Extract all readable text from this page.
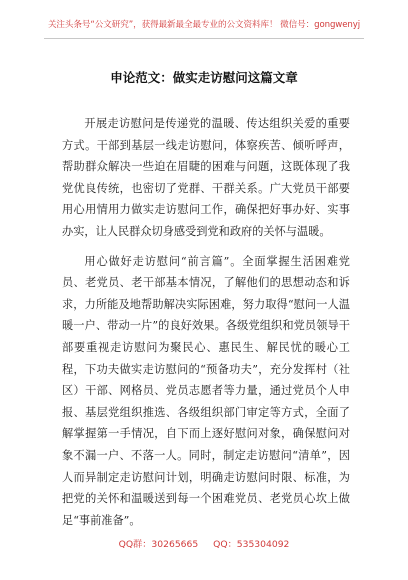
关注头条号“公文研究”，获得最新最全最专业的公文资料库！ 微信号：gongwenyj
申论范文：做实走访慰问这篇文章

开展走访慰问是传递党的温暖、传达组织关爱的重要方式。干部到基层一线走访慰问，体察疾苦、倾听呼声，帮助群众解决一些迫在眉睫的困难与问题，这既体现了我党优良传统，也密切了党群、干群关系。广大党员干部要用心用情用力做实走访慰问工作，确保把好事办好、实事办实，让人民群众切身感受到党和政府的关怀与温暖。

用心做好走访慰问“前言篇”。全面掌握生活困难党员、老党员、老干部基本情况，了解他们的思想动态和诉求，力所能及地帮助解决实际困难，努力取得“慰问一人温暖一户、带动一片”的良好效果。各级党组织和党员领导干部要重视走访慰问为聚民心、惠民生、解民忧的暖心工程，下功夫做实走访慰问的“预备功夫”，充分发挥村（社区）干部、网格员、党员志愿者等力量，通过党员个人申报、基层党组织推选、各级组织部门审定等方式，全面了解掌握第一手情况，自下而上逐好慰问对象，确保慰问对象不漏一户、不落一人。同时，制定走访慰问“清单”，因人而异制定走访慰问计划，明确走访慰问时限、标准，为把党的关怀和温暖送到每一个困难党员、老党员心坎上做足“事前准备”。

QQ群：30265665 QQ：535304092
